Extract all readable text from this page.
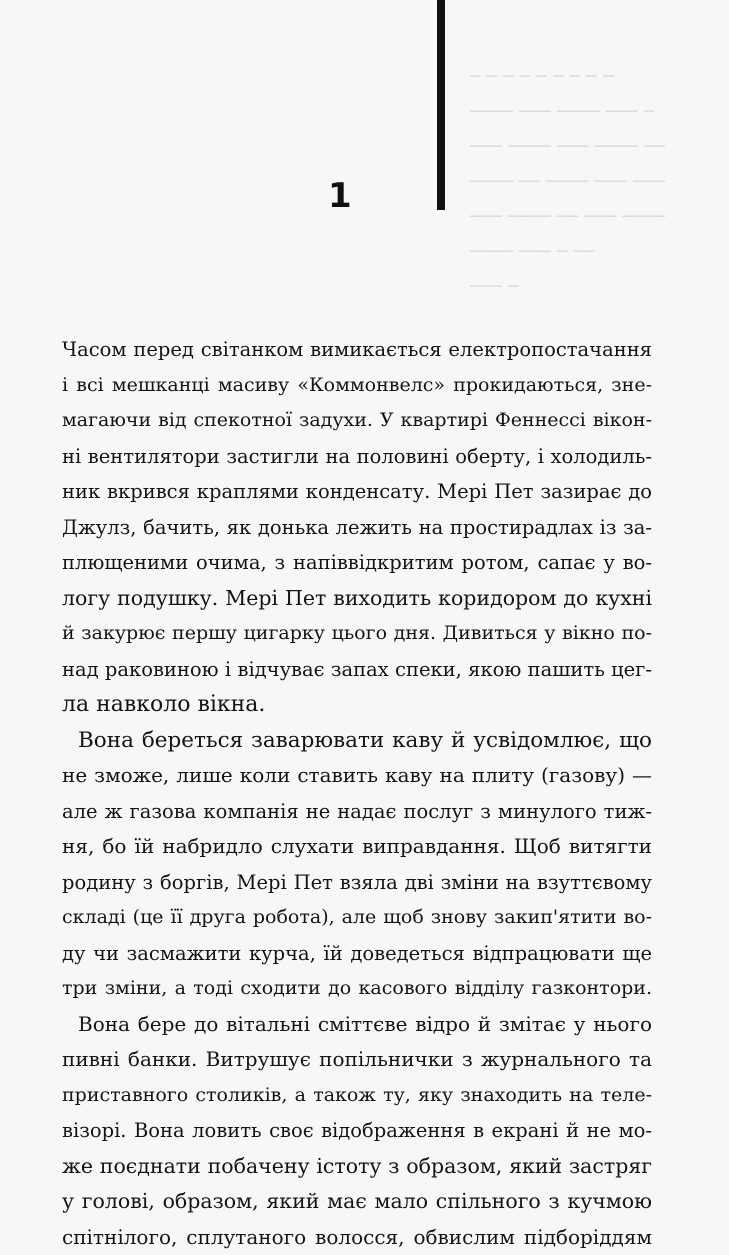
─ ─ ─ ─ ─ ─ ─ ─ ─
──── ─── ──── ─── ─
─── ──── ─── ──── ──
──── ── ──── ─── ───
─── ──── ── ─── ────
──── ─── ─ ──
─── ─
1
Часом перед світанком вимикається електропостачання
і всі мешканці масиву «Коммонвелс» прокидаються, зне-
магаючи від спекотної задухи. У квартирі Феннессі вікон-
ні вентилятори застигли на половині оберту, і холодиль-
ник вкрився краплями конденсату. Мері Пет зазирає до
Джулз, бачить, як донька лежить на простирадлах із за-
плющеними очима, з напіввідкритим ротом, сапає у во-
логу подушку. Мері Пет виходить коридором до кухні
й закурює першу цигарку цього дня. Дивиться у вікно по-
над раковиною і відчуває запах спеки, якою пашить цег-
ла навколо вікна.
Вона береться заварювати каву й усвідомлює, що
не зможе, лише коли ставить каву на плиту (газову) —
але ж газова компанія не надає послуг з минулого тиж-
ня, бо їй набридло слухати виправдання. Щоб витягти
родину з боргів, Мері Пет взяла дві зміни на взуттєвому
складі (це її друга робота), але щоб знову закип'ятити во-
ду чи засмажити курча, їй доведеться відпрацювати ще
три зміни, а тоді сходити до касового відділу газконтори.
Вона бере до вітальні сміттєве відро й змітає у нього
пивні банки. Витрушує попільнички з журнального та
приставного столиків, а також ту, яку знаходить на теле-
візорі. Вона ловить своє відображення в екрані й не мо-
же поєднати побачену істоту з образом, який застряг
у голові, образом, який має мало спільного з кучмою
спітнілого, сплутаного волосся, обвислим підборіддям
